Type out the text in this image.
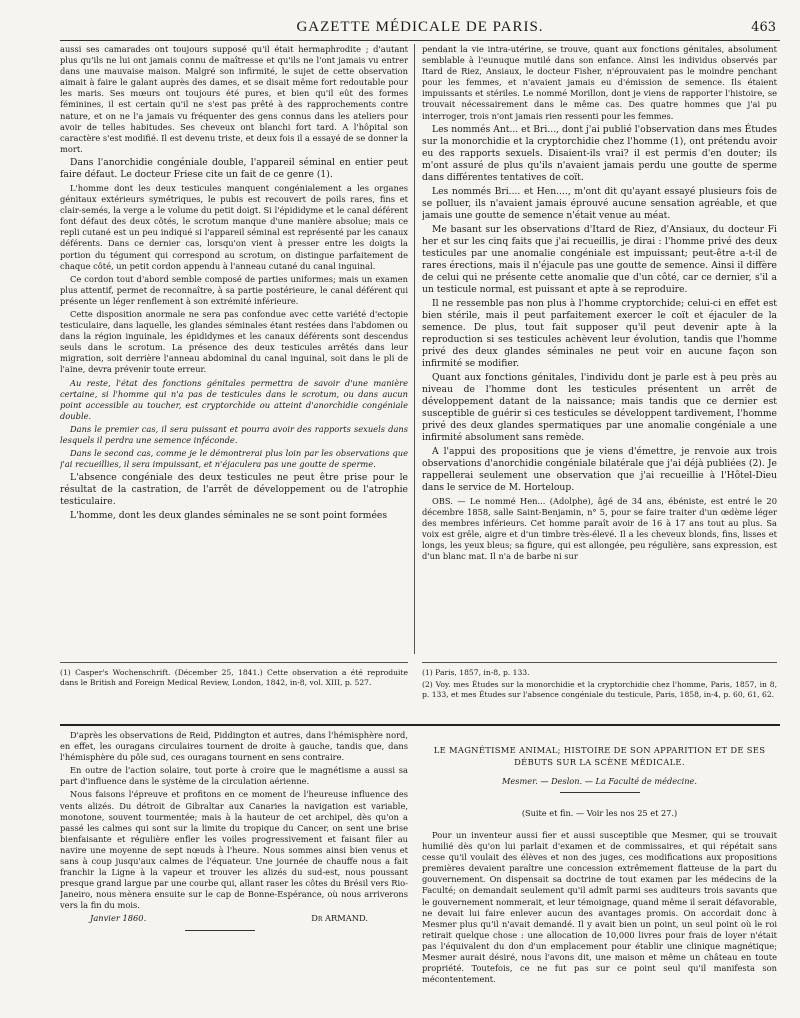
GAZETTE MÉDICALE DE PARIS.	463

aussi ses camarades ont toujours supposé qu'il était hermaphrodite ; d'autant plus qu'ils ne lui ont jamais connu de maîtresse et qu'ils ne l'ont jamais vu entrer dans une mauvaise maison. Malgré son infirmité, le sujet de cette observation aimait à faire le galant auprès des dames, et se disait même fort redoutable pour les maris. Ses mœurs ont toujours été pures, et bien qu'il eût des formes féminines, il est certain qu'il ne s'est pas prêté à des rapprochements contre nature, et on ne l'a jamais vu fréquenter des gens connus dans les ateliers pour avoir de telles habitudes. Ses cheveux ont blanchi fort tard. A l'hôpital son caractère s'est modifié. Il est devenu triste, et deux fois il a essayé de se donner la mort.

Dans l'anorchidie congéniale double, l'appareil séminal en entier peut faire défaut. Le docteur Friese cite un fait de ce genre (1).

L'homme dont les deux testicules manquent congénialement a les organes génitaux extérieurs symétriques, le pubis est recouvert de poils rares, fins et clair-semés, la verge a le volume du petit doigt. Si l'épididyme et le canal déférent font défaut des deux côtés, le scrotum manque d'une manière absolue; mais ce repli cutané est un peu indiqué si l'appareil séminal est représenté par les canaux déférents. Dans ce dernier cas, lorsqu'on vient à presser entre les doigts la portion du tégument qui correspond au scrotum, on distingue parfaitement de chaque côté, un petit cordon appendu à l'anneau cutané du canal inguinal.

Ce cordon tout d'abord semble composé de parties uniformes; mais un examen plus attentif, permet de reconnaître, à sa partie postérieure, le canal déférent qui présente un léger renflement à son extrémité inférieure.

Cette disposition anormale ne sera pas confondue avec cette variété d'ectopie testiculaire, dans laquelle, les glandes séminales étant restées dans l'abdomen ou dans la région inguinale, les épididymes et les canaux déférents sont descendus seuls dans le scrotum. La présence des deux testicules arrêtés dans leur migration, soit derrière l'anneau abdominal du canal inguinal, soit dans le pli de l'aine, devra prévenir toute erreur.

Au reste, l'état des fonctions génitales permettra de savoir d'une manière certaine, si l'homme qui n'a pas de testicules dans le scrotum, ou dans aucun point accessible au toucher, est cryptorchide ou atteint d'anorchidie congéniale double.

Dans le premier cas, il sera puissant et pourra avoir des rapports sexuels dans lesquels il perdra une semence inféconde.

Dans le second cas, comme je le démontrerai plus loin par les observations que j'ai recueillies, il sera impuissant, et n'éjaculera pas une goutte de sperme.

L'absence congéniale des deux testicules ne peut être prise pour le résultat de la castration, de l'arrêt de développement ou de l'atrophie testiculaire.

L'homme, dont les deux glandes séminales ne se sont point formées

pendant la vie intra-utérine, se trouve, quant aux fonctions génitales, absolument semblable à l'eunuque mutilé dans son enfance. Ainsi les individus observés par Itard de Riez, Ansiaux, le docteur Fisher, n'éprouvaient pas le moindre penchant pour les femmes, et n'avaient jamais eu d'émission de semence. Ils étaient impuissants et stériles. Le nommé Morillon, dont je viens de rapporter l'histoire, se trouvait nécessairement dans le même cas. Des quatre hommes que j'ai pu interroger, trois n'ont jamais rien ressenti pour les femmes.

Les nommés Ant... et Bri..., dont j'ai publié l'observation dans mes Études sur la monorchidie et la cryptorchidie chez l'homme (1), ont prétendu avoir eu des rapports sexuels. Disaient-ils vrai? il est permis d'en douter; ils m'ont assuré de plus qu'ils n'avaient jamais perdu une goutte de sperme dans différentes tentatives de coït.

Les nommés Bri.... et Hen...., m'ont dit qu'ayant essayé plusieurs fois de se polluer, ils n'avaient jamais éprouvé aucune sensation agréable, et que jamais une goutte de semence n'était venue au méat.

Me basant sur les observations d'Itard de Riez, d'Ansiaux, du docteur Fi her et sur les cinq faits que j'ai recueillis, je dirai : l'homme privé des deux testicules par une anomalie congéniale est impuissant; peut-être a-t-il de rares érections, mais il n'éjacule pas une goutte de semence. Ainsi il diffère de celui qui ne présente cette anomalie que d'un côté, car ce dernier, s'il a un testicule normal, est puissant et apte à se reproduire.

Il ne ressemble pas non plus à l'homme cryptorchide; celui-ci en effet est bien stérile, mais il peut parfaitement exercer le coït et éjaculer de la semence. De plus, tout fait supposer qu'il peut devenir apte à la reproduction si ses testicules achèvent leur évolution, tandis que l'homme privé des deux glandes séminales ne peut voir en aucune façon son infirmité se modifier.

Quant aux fonctions génitales, l'individu dont je parle est à peu près au niveau de l'homme dont les testicules présentent un arrêt de développement datant de la naissance; mais tandis que ce dernier est susceptible de guérir si ces testicules se développent tardivement, l'homme privé des deux glandes spermatiques par une anomalie congéniale a une infirmité absolument sans remède.

A l'appui des propositions que je viens d'émettre, je renvoie aux trois observations d'anorchidie congéniale bilatérale que j'ai déjà publiées (2). Je rappellerai seulement une observation que j'ai recueillie à l'Hôtel-Dieu dans le service de M. Horteloup.

OBS. — Le nommé Hen... (Adolphe), âgé de 34 ans, ébéniste, est entré le 20 décembre 1858, salle Saint-Benjamin, n° 5, pour se faire traiter d'un œdème léger des membres inférieurs. Cet homme paraît avoir de 16 à 17 ans tout au plus. Sa voix est grêle, aigre et d'un timbre très-élevé. Il a les cheveux blonds, fins, lisses et longs, les yeux bleus; sa figure, qui est allongée, peu régulière, sans expression, est d'un blanc mat. Il n'a de barbe ni sur

(1) Casper's Wochenschrift. (Décember 25, 1841.) Cette observation a été reproduite dans le British and Foreign Medical Review, London, 1842, in-8, vol. XIII, p. 527.

(1) Paris, 1857, in-8, p. 133.

(2) Voy. mes Études sur la monorchidie et la cryptorchidie chez l'homme, Paris, 1857, in 8, p. 133, et mes Études sur l'absence congéniale du testicule, Paris, 1858, in-4, p. 60, 61, 62.

D'après les observations de Reid, Piddington et autres, dans l'hémisphère nord, en effet, les ouragans circulaires tournent de droite à gauche, tandis que, dans l'hémisphère du pôle sud, ces ouragans tournent en sens contraire.

En outre de l'action solaire, tout porte à croire que le magnétisme a aussi sa part d'influence dans le système de la circulation aérienne.

Nous faisons l'épreuve et profitons en ce moment de l'heureuse influence des vents alizés. Du détroit de Gibraltar aux Canaries la navigation est variable, monotone, souvent tourmentée; mais à la hauteur de cet archipel, dès qu'on a passé les calmes qui sont sur la limite du tropique du Cancer, on sent une brise bienfaisante et régulière enfler les voiles progressivement et faisant filer au navire une moyenne de sept nœuds à l'heure. Nous sommes ainsi bien venus et sans à coup jusqu'aux calmes de l'équateur. Une journée de chauffe nous a fait franchir la Ligne à la vapeur et trouver les alizés du sud-est, nous poussant presque grand largue par une courbe qui, allant raser les côtes du Brésil vers Rio-Janeiro, nous mènera ensuite sur le cap de Bonne-Espérance, où nous arriverons vers la fin du mois.

Janvier 1860.	Dr ARMAND.
LE MAGNÉTISME ANIMAL; HISTOIRE DE SON APPARITION ET DE SES DÉBUTS SUR LA SCÈNE MÉDICALE.
Mesmer. — Deslon. — La Faculté de médecine.
(Suite et fin. — Voir les nos 25 et 27.)

Pour un inventeur aussi fier et aussi susceptible que Mesmer, qui se trouvait humilié dès qu'on lui parlait d'examen et de commissaires, et qui répétait sans cesse qu'il voulait des élèves et non des juges, ces modifications aux propositions premières devaient paraître une concession extrêmement flatteuse de la part du gouvernement. On dispensait sa doctrine de tout examen par les médecins de la Faculté; on demandait seulement qu'il admît parmi ses auditeurs trois savants que le gouvernement nommerait, et leur témoignage, quand même il serait défavorable, ne devait lui faire enlever aucun des avantages promis. On accordait donc à Mesmer plus qu'il n'avait demandé. Il y avait bien un point, un seul point où le roi retirait quelque chose : une allocation de 10,000 livres pour frais de loyer n'était pas l'équivalent du don d'un emplacement pour établir une clinique magnétique; Mesmer aurait désiré, nous l'avons dit, une maison et même un château en toute propriété. Toutefois, ce ne fut pas sur ce point seul qu'il manifesta son mécontentement.
